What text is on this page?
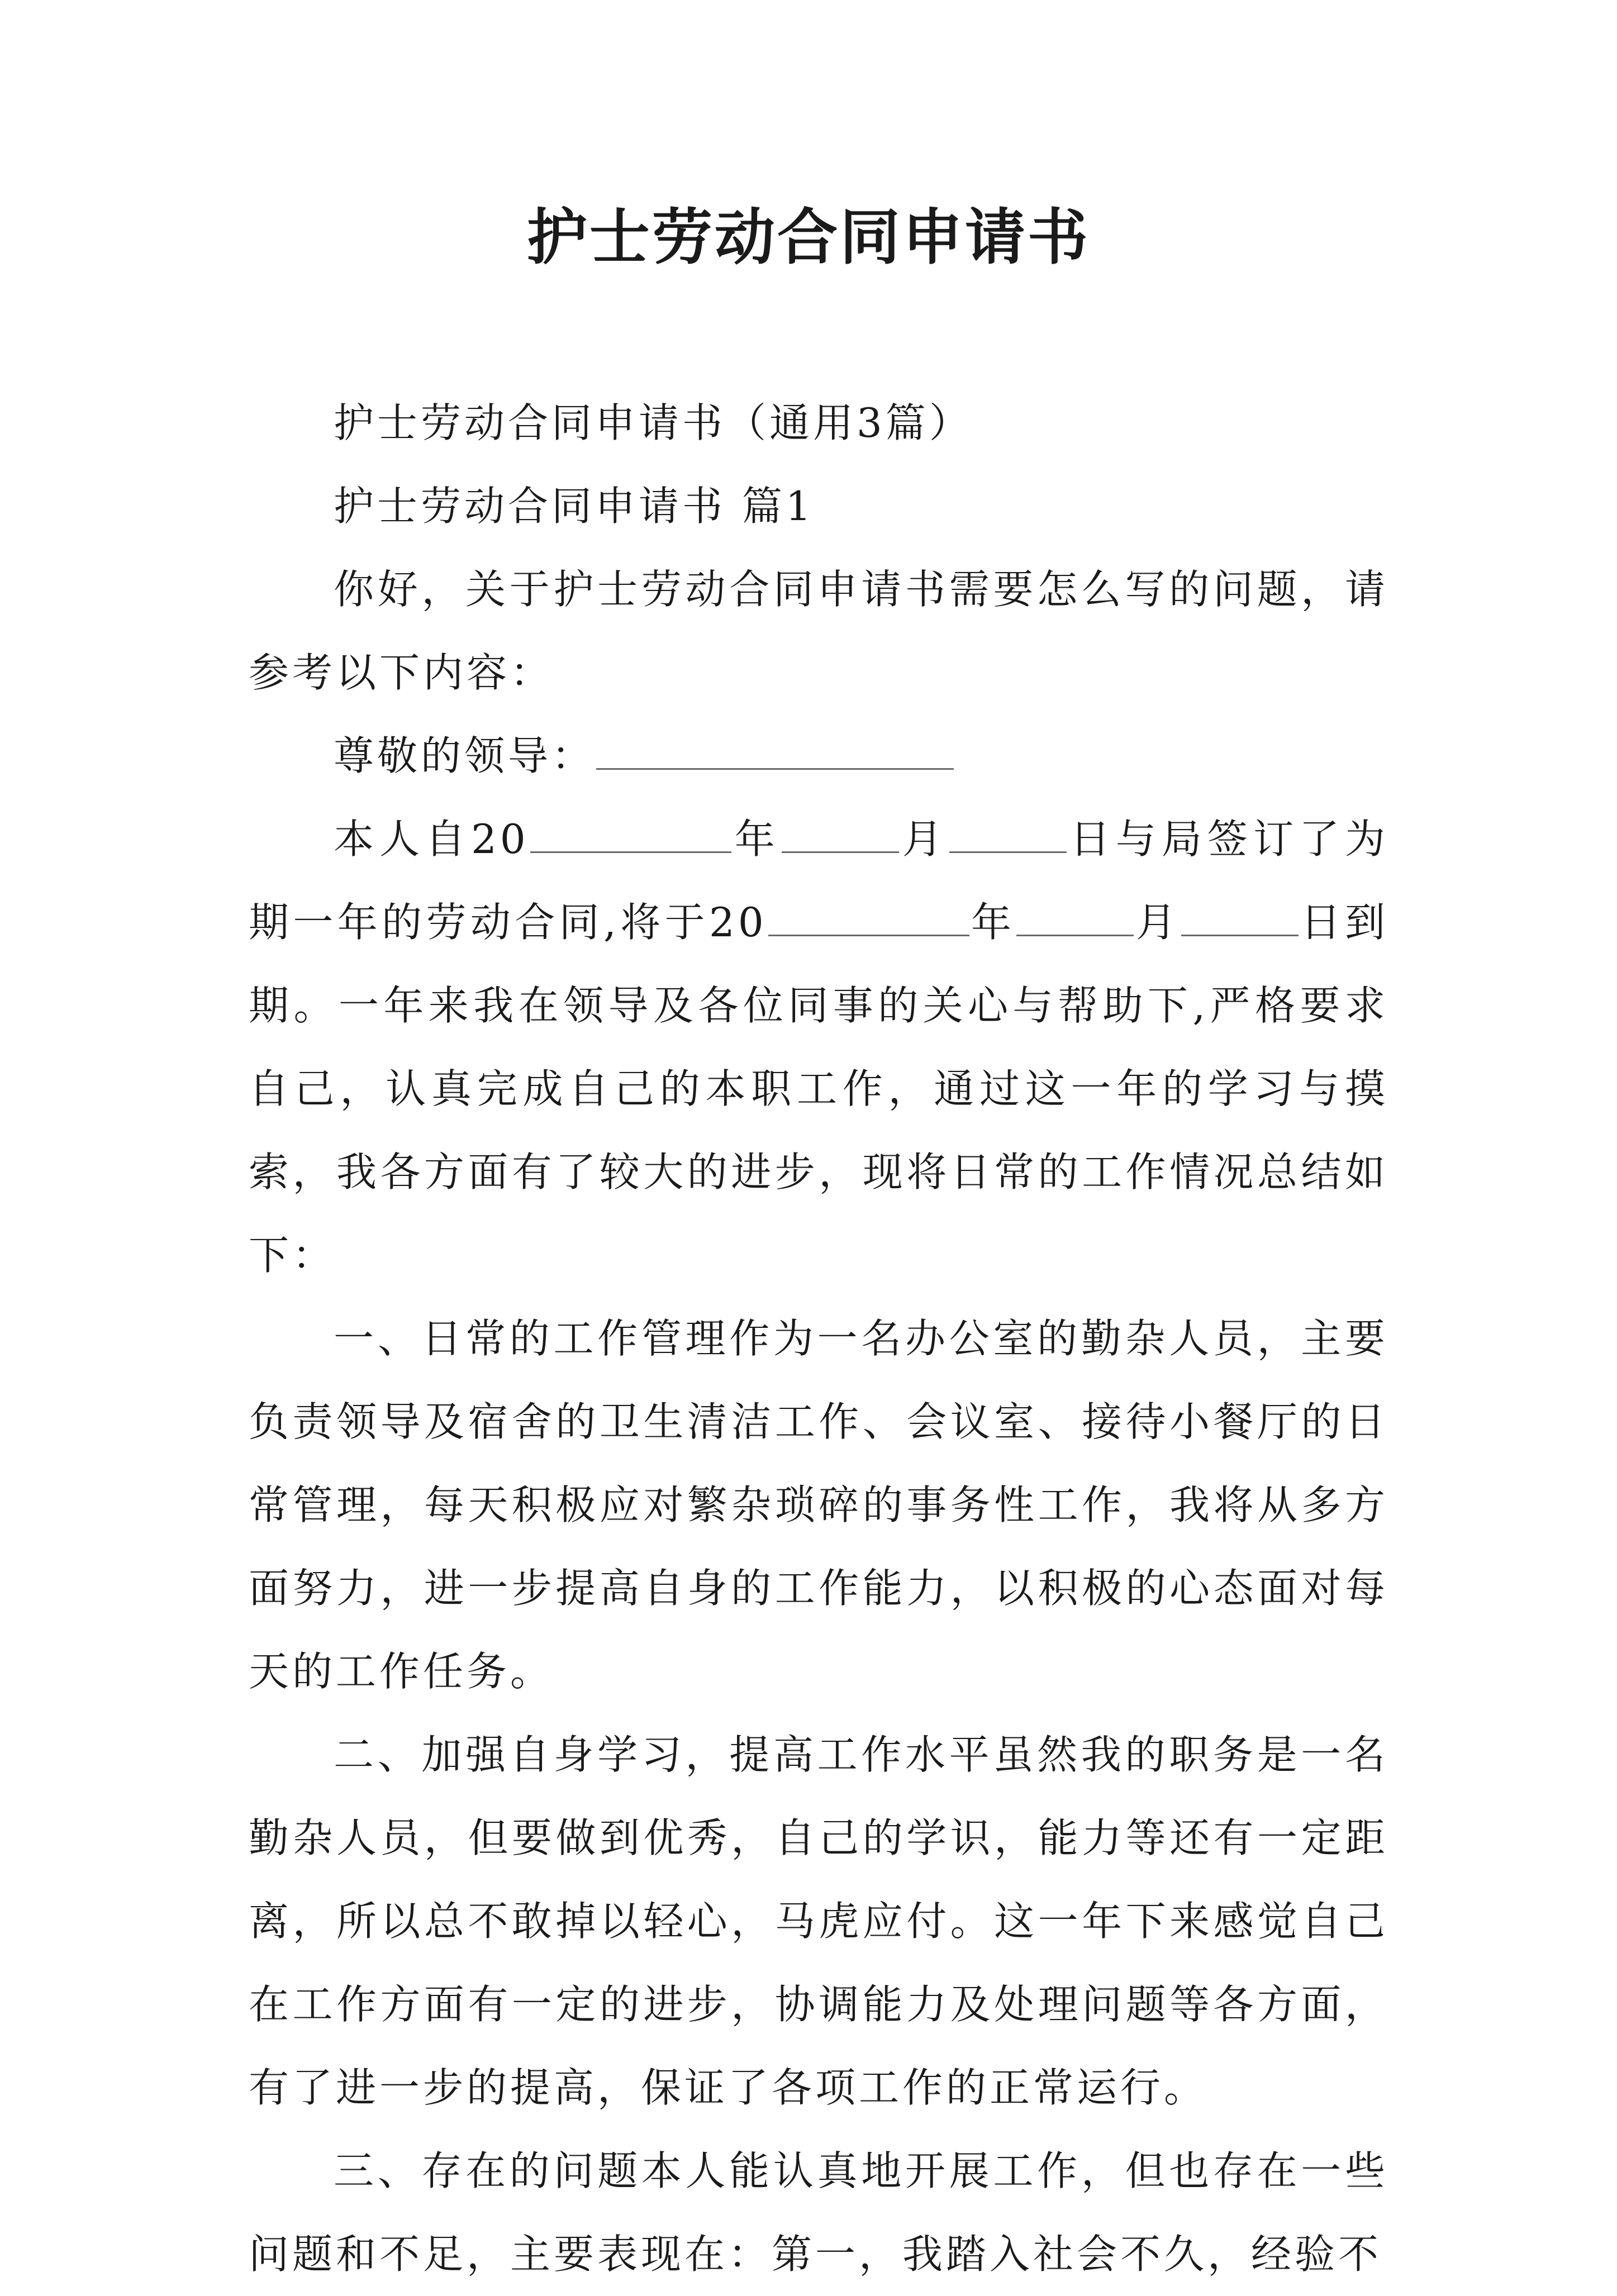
护士劳动合同申请书

护士劳动合同申请书（通用3篇）

护士劳动合同申请书 篇1

你好，关于护士劳动合同申请书需要怎么写的问题，请参考以下内容：

尊敬的领导：

本人自20	年	月	日与局签订了为期一年的劳动合同,将于20	年	月	日到期。一年来我在领导及各位同事的关心与帮助下,严格要求自己，认真完成自己的本职工作，通过这一年的学习与摸索，我各方面有了较大的进步，现将日常的工作情况总结如下：

一、日常的工作管理作为一名办公室的勤杂人员，主要负责领导及宿舍的卫生清洁工作、会议室、接待小餐厅的日常管理，每天积极应对繁杂琐碎的事务性工作，我将从多方面努力，进一步提高自身的工作能力，以积极的心态面对每天的工作任务。

二、加强自身学习，提高工作水平虽然我的职务是一名勤杂人员，但要做到优秀，自己的学识，能力等还有一定距离，所以总不敢掉以轻心，马虎应付。这一年下来感觉自己在工作方面有一定的进步，协调能力及处理问题等各方面，有了进一步的提高，保证了各项工作的正常运行。

三、存在的问题本人能认真地开展工作，但也存在一些问题和不足，主要表现在：第一，我踏入社会不久，经验不
